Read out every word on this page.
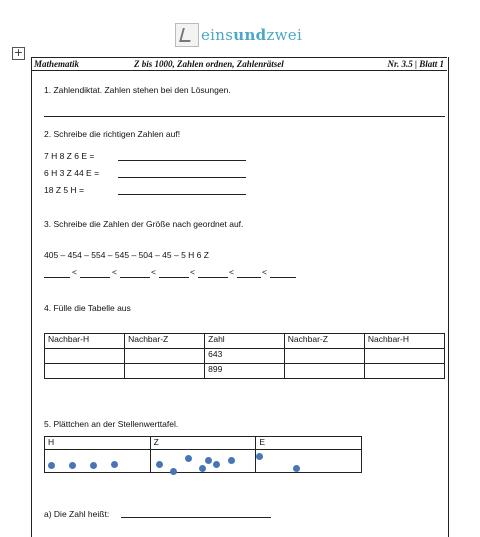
einsundzwei
+
Mathematik	Z bis 1000, Zahlen ordnen, Zahlenrätsel	Nr. 3.5 | Blatt 1
1. Zahlendiktat. Zahlen stehen bei den Lösungen.
2. Schreibe die richtigen Zahlen auf!
7 H 8 Z 6 E =
6 H 3 Z 44 E =
18 Z 5 H =
3. Schreibe die Zahlen der Größe nach geordnet auf.
405 – 454 – 554 – 545 – 504 – 45 – 5 H 6 Z
<	<	<	<	<	<
4. Fülle die Tabelle aus
Nachbar-H	Nachbar-Z	Zahl	Nachbar-Z	Nachbar-H
		643		
		899		
5. Plättchen an der Stellenwerttafel.
H	Z	E

a) Die Zahl heißt:
